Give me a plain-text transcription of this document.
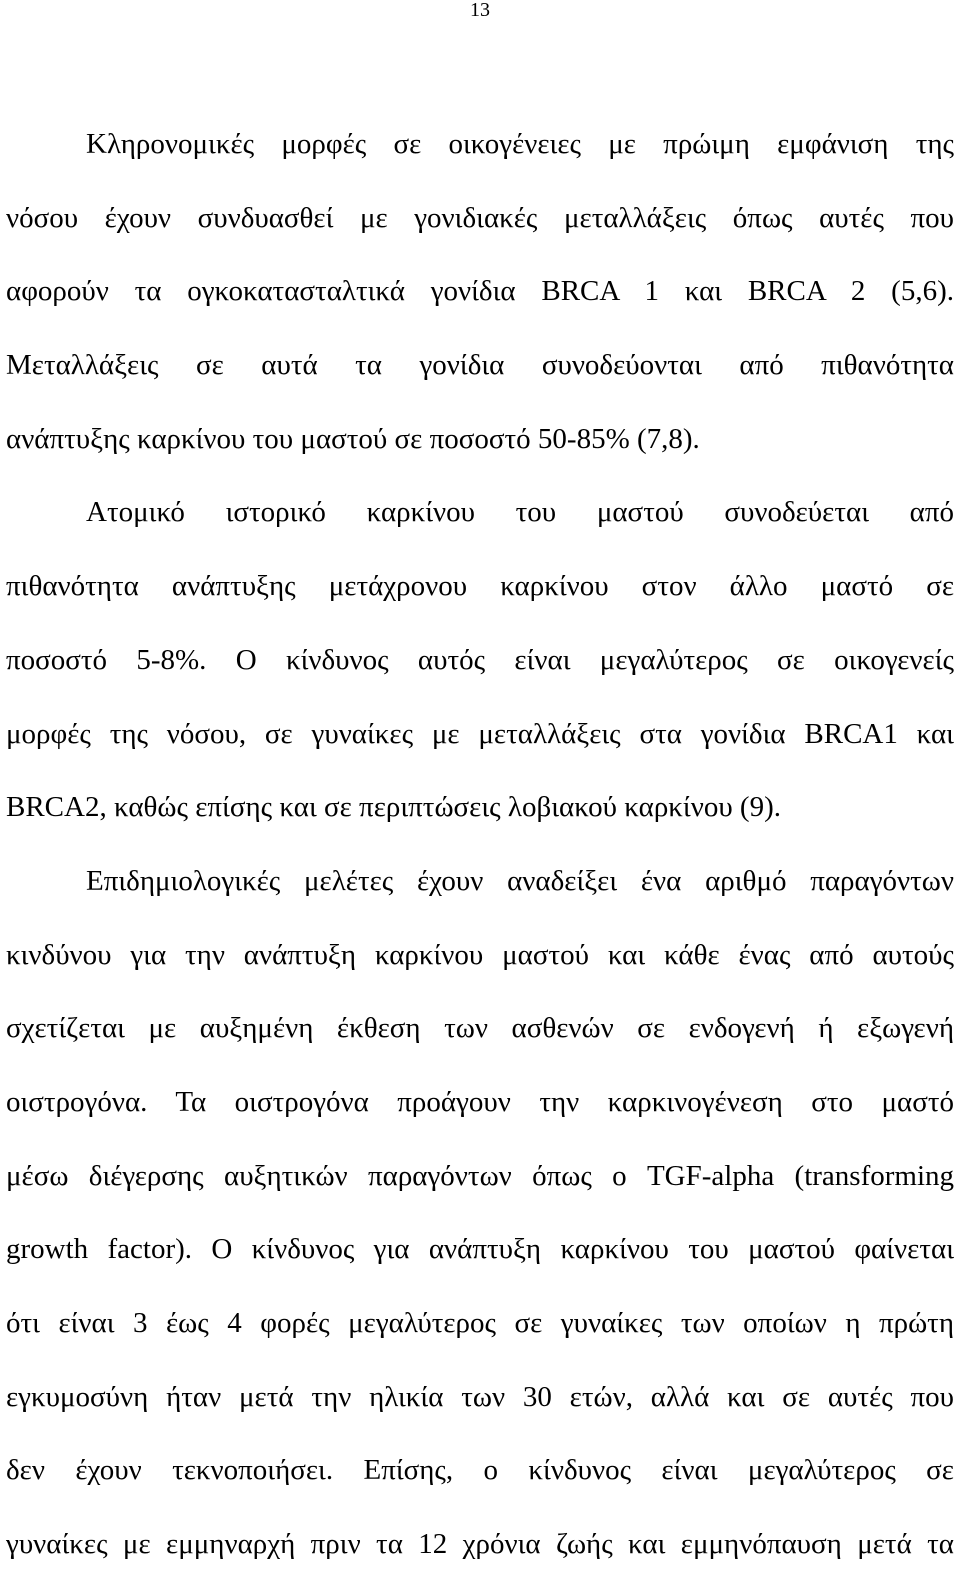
13
Κληρονομικές μορφές σε οικογένειες με πρώιμη εμφάνιση της
νόσου έχουν συνδυασθεί με γονιδιακές μεταλλάξεις όπως αυτές που
αφορούν τα ογκοκατασταλτικά γονίδια BRCA 1 και BRCA 2 (5,6).
Μεταλλάξεις σε αυτά τα γονίδια συνοδεύονται από πιθανότητα
ανάπτυξης καρκίνου του μαστού σε ποσοστό 50-85% (7,8).
Ατομικό ιστορικό καρκίνου του μαστού συνοδεύεται από
πιθανότητα ανάπτυξης μετάχρονου καρκίνου στον άλλο μαστό σε
ποσοστό 5-8%. Ο κίνδυνος αυτός είναι μεγαλύτερος σε οικογενείς
μορφές της νόσου, σε γυναίκες με μεταλλάξεις στα γονίδια BRCA1 και
BRCA2, καθώς επίσης και σε περιπτώσεις λοβιακού καρκίνου (9).
Επιδημιολογικές μελέτες έχουν αναδείξει ένα αριθμό παραγόντων
κινδύνου για την ανάπτυξη καρκίνου μαστού και κάθε ένας από αυτούς
σχετίζεται με αυξημένη έκθεση των ασθενών σε ενδογενή ή εξωγενή
οιστρογόνα. Τα οιστρογόνα προάγουν την καρκινογένεση στο μαστό
μέσω διέγερσης αυξητικών παραγόντων όπως ο TGF-alpha (transforming
growth factor). Ο κίνδυνος για ανάπτυξη καρκίνου του μαστού φαίνεται
ότι είναι 3 έως 4 φορές μεγαλύτερος σε γυναίκες των οποίων η πρώτη
εγκυμοσύνη ήταν μετά την ηλικία των 30 ετών, αλλά και σε αυτές που
δεν έχουν τεκνοποιήσει. Επίσης, ο κίνδυνος είναι μεγαλύτερος σε
γυναίκες με εμμηναρχή πριν τα 12 χρόνια ζωής και εμμηνόπαυση μετά τα
